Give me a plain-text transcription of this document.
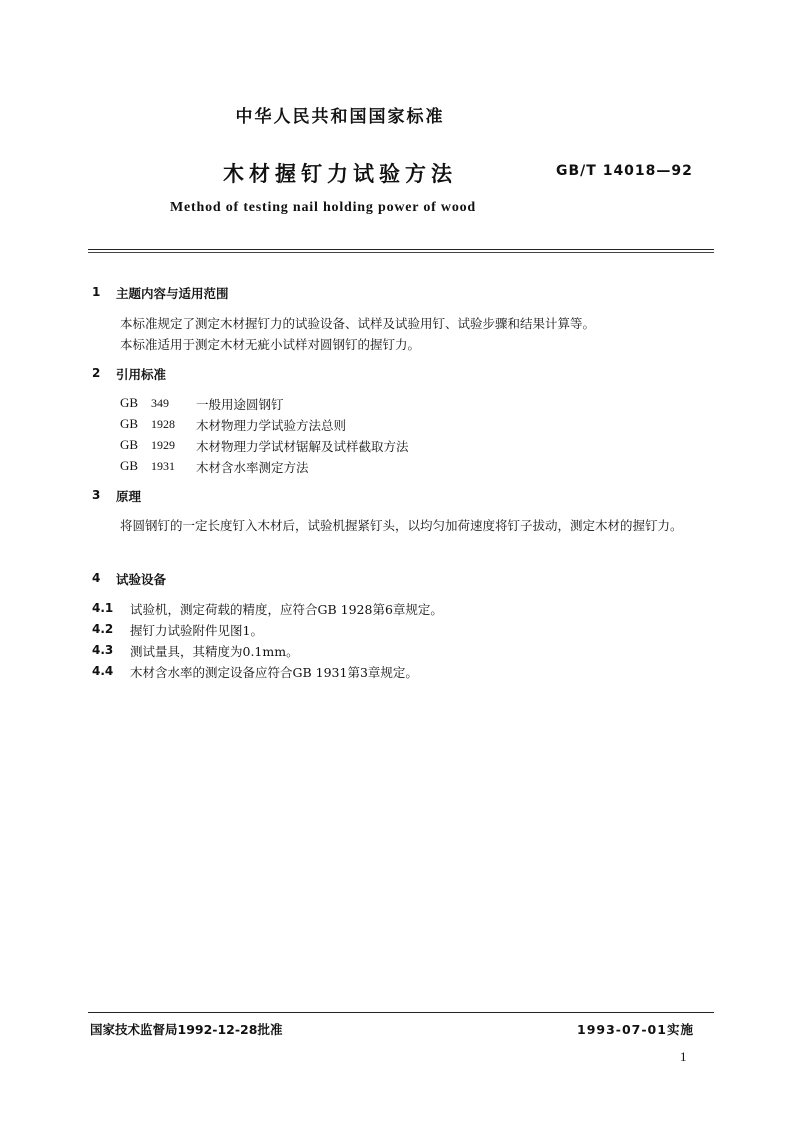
中华人民共和国国家标准
木材握钉力试验方法	GB/T 14018—92
Method of testing nail holding power of wood
1 主题内容与适用范围
本标准规定了测定木材握钉力的试验设备、试样及试验用钉、试验步骤和结果计算等。
本标准适用于测定木材无疵小试样对圆钢钉的握钉力。
2 引用标准
GB 349 一般用途圆钢钉
GB 1928 木材物理力学试验方法总则
GB 1929 木材物理力学试材锯解及试样截取方法
GB 1931 木材含水率测定方法
3 原理
将圆钢钉的一定长度钉入木材后，试验机握紧钉头，以均匀加荷速度将钉子拔动，测定木材的握钉力。
4 试验设备
4.1 试验机，测定荷载的精度，应符合GB 1928第6章规定。
4.2 握钉力试验附件见图1。
4.3 测试量具，其精度为0.1mm。
4.4 木材含水率的测定设备应符合GB 1931第3章规定。
国家技术监督局1992-12-28批准	1993-07-01实施
1
